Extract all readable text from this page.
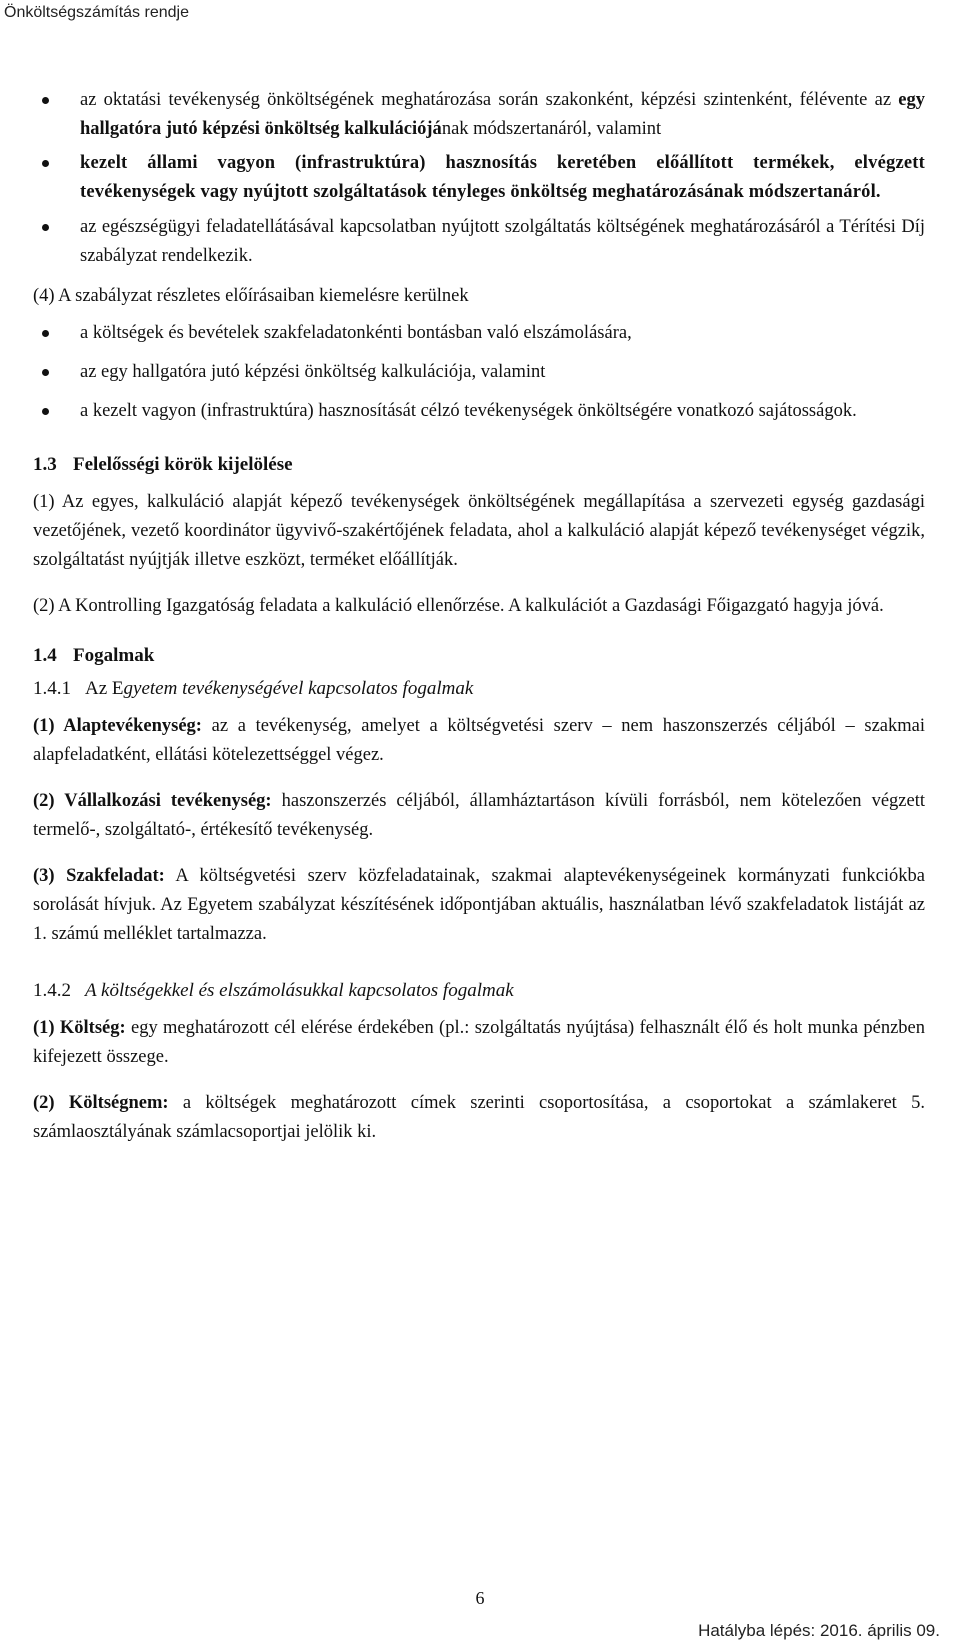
Önköltségszámítás rendje
az oktatási tevékenység önköltségének meghatározása során szakonként, képzési szintenként, félévente az egy hallgatóra jutó képzési önköltség kalkulációjának módszertanáról, valamint
kezelt állami vagyon (infrastruktúra) hasznosítás keretében előállított termékek, elvégzett tevékenységek vagy nyújtott szolgáltatások tényleges önköltség meghatározásának módszertanáról.
az egészségügyi feladatellátásával kapcsolatban nyújtott szolgáltatás költségének meghatározásáról a Térítési Díj szabályzat rendelkezik.

(4) A szabályzat részletes előírásaiban kiemelésre kerülnek

a költségek és bevételek szakfeladatonkénti bontásban való elszámolására,
az egy hallgatóra jutó képzési önköltség kalkulációja, valamint
a kezelt vagyon (infrastruktúra) hasznosítását célzó tevékenységek önköltségére vonatkozó sajátosságok.
1.3 Felelősségi körök kijelölése

(1) Az egyes, kalkuláció alapját képező tevékenységek önköltségének megállapítása a szervezeti egység gazdasági vezetőjének, vezető koordinátor ügyvivő-szakértőjének feladata, ahol a kalkuláció alapját képező tevékenységet végzik, szolgáltatást nyújtják illetve eszközt, terméket előállítják.

(2) A Kontrolling Igazgatóság feladata a kalkuláció ellenőrzése. A kalkulációt a Gazdasági Főigazgató hagyja jóvá.

1.4 Fogalmak
1.4.1 Az Egyetem tevékenységével kapcsolatos fogalmak

(1) Alaptevékenység: az a tevékenység, amelyet a költségvetési szerv – nem haszonszerzés céljából – szakmai alapfeladatként, ellátási kötelezettséggel végez.

(2) Vállalkozási tevékenység: haszonszerzés céljából, államháztartáson kívüli forrásból, nem kötelezően végzett termelő-, szolgáltató-, értékesítő tevékenység.

(3) Szakfeladat: A költségvetési szerv közfeladatainak, szakmai alaptevékenységeinek kormányzati funkciókba sorolását hívjuk. Az Egyetem szabályzat készítésének időpontjában aktuális, használatban lévő szakfeladatok listáját az 1. számú melléklet tartalmazza.

1.4.2 A költségekkel és elszámolásukkal kapcsolatos fogalmak

(1) Költség: egy meghatározott cél elérése érdekében (pl.: szolgáltatás nyújtása) felhasznált élő és holt munka pénzben kifejezett összege.

(2) Költségnem: a költségek meghatározott címek szerinti csoportosítása, a csoportokat a számlakeret 5. számlaosztályának számlacsoportjai jelölik ki.

6
Hatályba lépés: 2016. április 09.
